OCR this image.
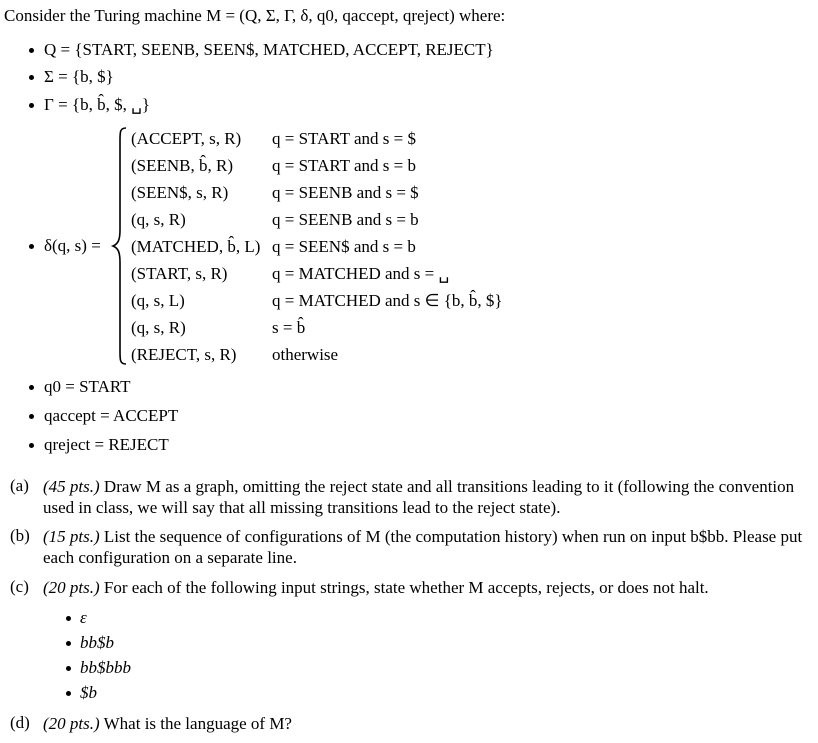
Consider the Turing machine M = (Q, Σ, Γ, δ, q0, qaccept, qreject) where:
Q = {START, SEENB, SEEN$, MATCHED, ACCEPT, REJECT}
Σ = {b, $}
Γ = {b, b̂, $, ␣}
δ(q, s) =
(ACCEPT, s, R) q = START and s = $
(SEENB, b̂, R) q = START and s = b
(SEEN$, s, R)	q = SEENB and s = $
(q, s, R)	q = SEENB and s = b
(MATCHED, b̂, L) q = SEEN$ and s = b
(START, s, R)	q = MATCHED and s = ␣
(q, s, L)	q = MATCHED and s ∈ {b, b̂, $}
(q, s, R)	s = b̂
(REJECT, s, R) otherwise
q0 = START
qaccept = ACCEPT
qreject = REJECT
(a) (45 pts.) Draw M as a graph, omitting the reject state and all transitions leading to it (following the convention used in class, we will say that all missing transitions lead to the reject state).
(b) (15 pts.) List the sequence of configurations of M (the computation history) when run on input b$bb. Please put each configuration on a separate line.
(c) (20 pts.) For each of the following input strings, state whether M accepts, rejects, or does not halt.
ε
bb$b
bb$bbb
$b
(d) (20 pts.) What is the language of M?
